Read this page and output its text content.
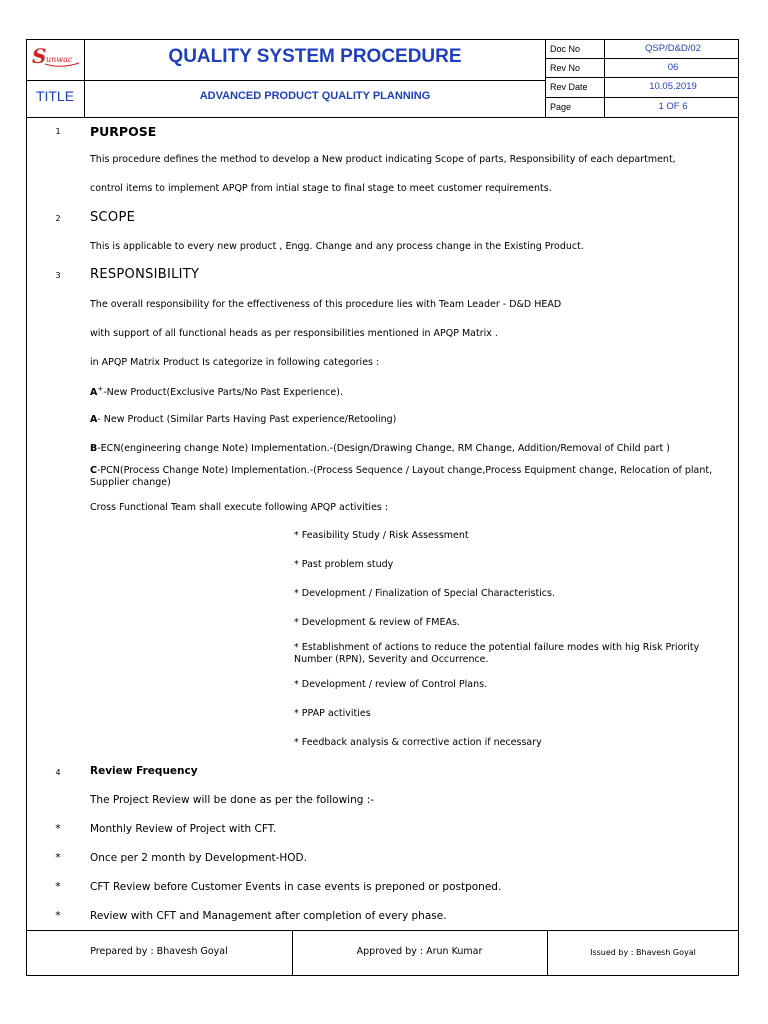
S unwac	QUALITY SYSTEM PROCEDURE
TITLE	ADVANCED PRODUCT QUALITY PLANNING
Doc No	QSP/D&D/02
Rev No	06
Rev Date	10.05.2019
Page	1 OF 6
1	PURPOSE
This procedure defines the method to develop a New product indicating Scope of parts, Responsibility of each department,
control items to implement APQP from intial stage to final stage to meet customer requirements.
2	SCOPE
This is applicable to every new product , Engg. Change and any process change in the Existing Product.
3	RESPONSIBILITY
The overall responsibility for the effectiveness of this procedure lies with Team Leader - D&D HEAD
with support of all functional heads as per responsibilities mentioned in APQP Matrix .
in APQP Matrix Product Is categorize in following categories :
A+-New Product(Exclusive Parts/No Past Experience).
A- New Product (Similar Parts Having Past experience/Retooling)
B-ECN(engineering change Note) Implementation.-(Design/Drawing Change, RM Change, Addition/Removal of Child part )
C-PCN(Process Change Note) Implementation.-(Process Sequence / Layout change,Process Equipment change, Relocation of plant, Supplier change)
Cross Functional Team shall execute following APQP activities :
* Feasibility Study / Risk Assessment
* Past problem study
* Development / Finalization of Special Characteristics.
* Development & review of FMEAs.
* Establishment of actions to reduce the potential failure modes with hig Risk Priority Number (RPN), Severity and Occurrence.
* Development / review of Control Plans.
* PPAP activities
* Feedback analysis & corrective action if necessary
4	Review Frequency
The Project Review will be done as per the following :-
*	Monthly Review of Project with CFT.
*	Once per 2 month by Development-HOD.
*	CFT Review before Customer Events in case events is preponed or postponed.
*	Review with CFT and Management after completion of every phase.
Prepared by : Bhavesh Goyal	Approved by : Arun Kumar	Issued by : Bhavesh Goyal
